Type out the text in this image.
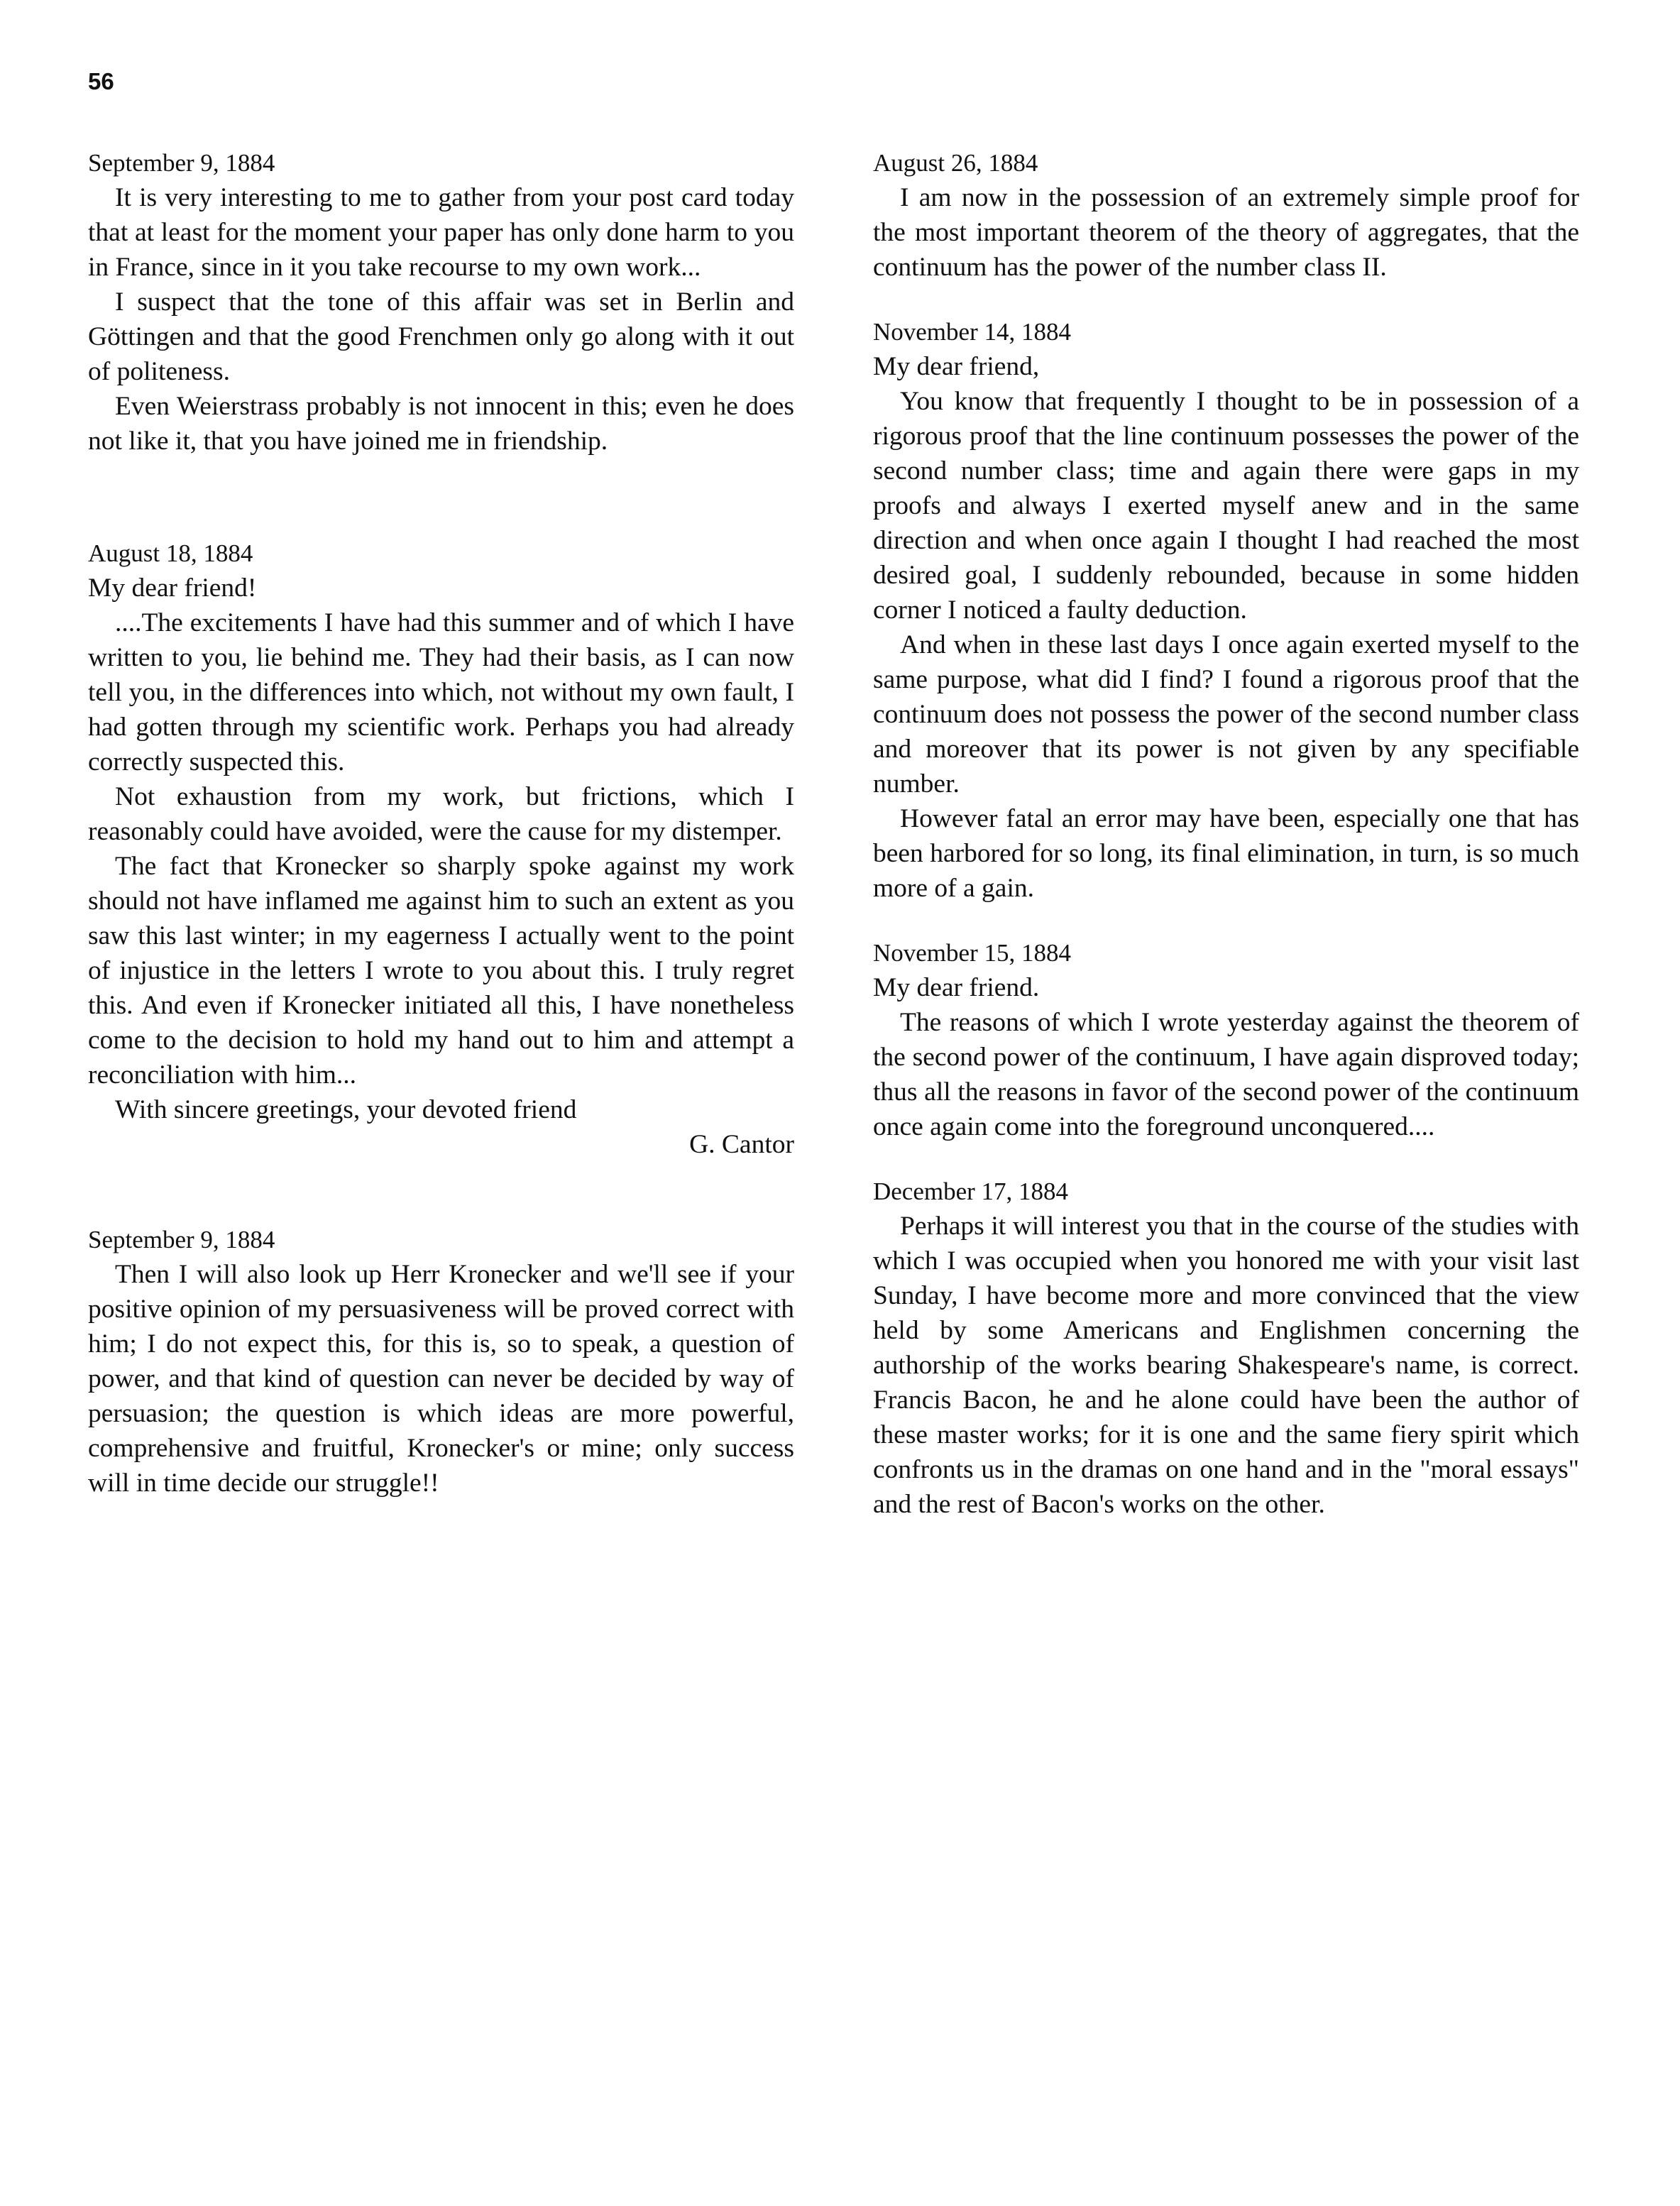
56
September 9, 1884

It is very interesting to me to gather from your post card today that at least for the moment your paper has only done harm to you in France, since in it you take recourse to my own work...

I suspect that the tone of this affair was set in Berlin and Göttingen and that the good Frenchmen only go along with it out of politeness.

Even Weierstrass probably is not innocent in this; even he does not like it, that you have joined me in friendship.

August 18, 1884
My dear friend!

....The excitements I have had this summer and of which I have written to you, lie behind me. They had their basis, as I can now tell you, in the differences into which, not without my own fault, I had gotten through my scientific work. Perhaps you had already correctly suspected this.

Not exhaustion from my work, but frictions, which I reasonably could have avoided, were the cause for my distemper.

The fact that Kronecker so sharply spoke against my work should not have inflamed me against him to such an extent as you saw this last winter; in my eagerness I actually went to the point of injustice in the letters I wrote to you about this. I truly regret this. And even if Kronecker initiated all this, I have nonetheless come to the decision to hold my hand out to him and attempt a reconciliation with him...

With sincere greetings, your devoted friend

G. Cantor

September 9, 1884

Then I will also look up Herr Kronecker and we'll see if your positive opinion of my persuasiveness will be proved correct with him; I do not expect this, for this is, so to speak, a question of power, and that kind of question can never be decided by way of persuasion; the question is which ideas are more powerful, comprehensive and fruitful, Kronecker's or mine; only success will in time decide our struggle!!

August 26, 1884

I am now in the possession of an extremely simple proof for the most important theorem of the theory of aggregates, that the continuum has the power of the number class II.

November 14, 1884
My dear friend,

You know that frequently I thought to be in possession of a rigorous proof that the line continuum possesses the power of the second number class; time and again there were gaps in my proofs and always I exerted myself anew and in the same direction and when once again I thought I had reached the most desired goal, I suddenly rebounded, because in some hidden corner I noticed a faulty deduction.

And when in these last days I once again exerted myself to the same purpose, what did I find? I found a rigorous proof that the continuum does not possess the power of the second number class and moreover that its power is not given by any specifiable number.

However fatal an error may have been, especially one that has been harbored for so long, its final elimination, in turn, is so much more of a gain.

November 15, 1884
My dear friend.

The reasons of which I wrote yesterday against the theorem of the second power of the continuum, I have again disproved today; thus all the reasons in favor of the second power of the continuum once again come into the foreground unconquered....

December 17, 1884

Perhaps it will interest you that in the course of the studies with which I was occupied when you honored me with your visit last Sunday, I have become more and more convinced that the view held by some Americans and Englishmen concerning the authorship of the works bearing Shakespeare's name, is correct. Francis Bacon, he and he alone could have been the author of these master works; for it is one and the same fiery spirit which confronts us in the dramas on one hand and in the "moral essays" and the rest of Bacon's works on the other.
